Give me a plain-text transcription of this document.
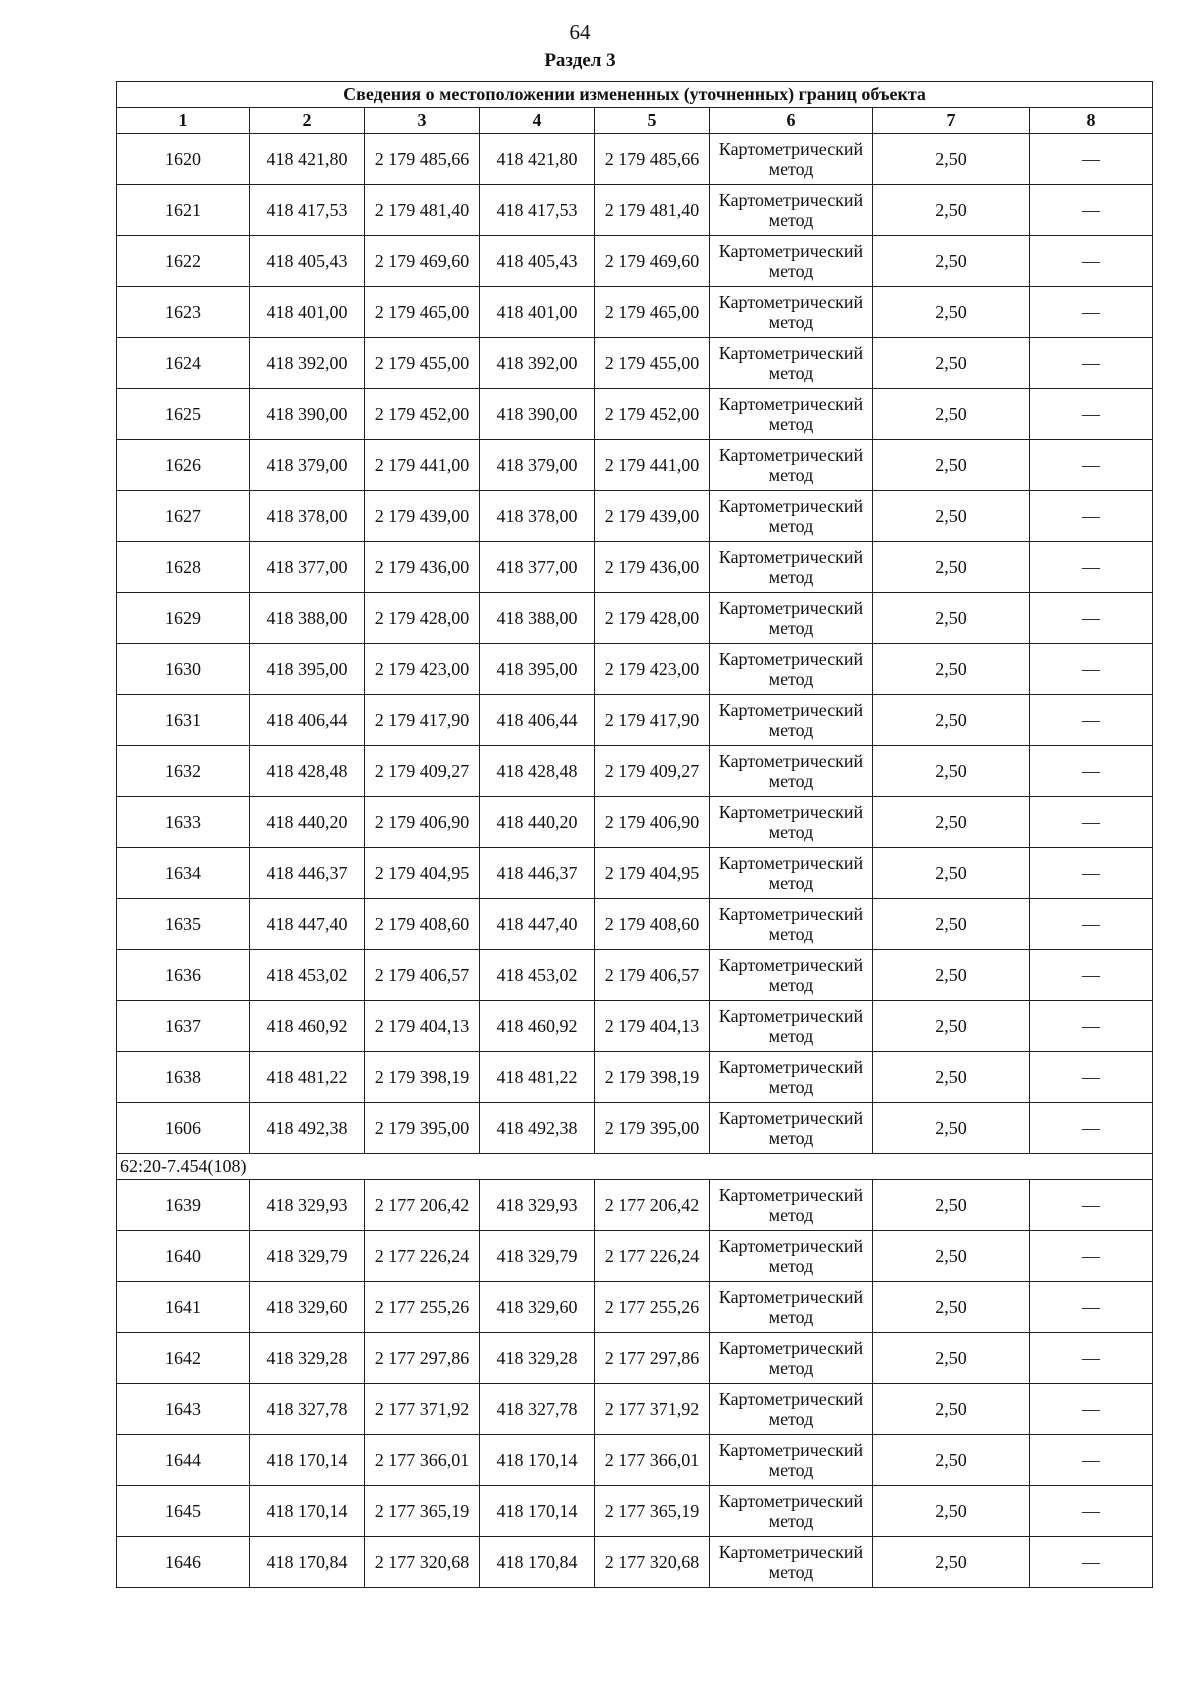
64
Раздел 3
Сведения о местоположении измененных (уточненных) границ объекта							
1	2	3	4	5	6	7	8
1620	418 421,80	2 179 485,66	418 421,80	2 179 485,66	Картометрический метод	2,50	—
1621	418 417,53	2 179 481,40	418 417,53	2 179 481,40	Картометрический метод	2,50	—
1622	418 405,43	2 179 469,60	418 405,43	2 179 469,60	Картометрический метод	2,50	—
1623	418 401,00	2 179 465,00	418 401,00	2 179 465,00	Картометрический метод	2,50	—
1624	418 392,00	2 179 455,00	418 392,00	2 179 455,00	Картометрический метод	2,50	—
1625	418 390,00	2 179 452,00	418 390,00	2 179 452,00	Картометрический метод	2,50	—
1626	418 379,00	2 179 441,00	418 379,00	2 179 441,00	Картометрический метод	2,50	—
1627	418 378,00	2 179 439,00	418 378,00	2 179 439,00	Картометрический метод	2,50	—
1628	418 377,00	2 179 436,00	418 377,00	2 179 436,00	Картометрический метод	2,50	—
1629	418 388,00	2 179 428,00	418 388,00	2 179 428,00	Картометрический метод	2,50	—
1630	418 395,00	2 179 423,00	418 395,00	2 179 423,00	Картометрический метод	2,50	—
1631	418 406,44	2 179 417,90	418 406,44	2 179 417,90	Картометрический метод	2,50	—
1632	418 428,48	2 179 409,27	418 428,48	2 179 409,27	Картометрический метод	2,50	—
1633	418 440,20	2 179 406,90	418 440,20	2 179 406,90	Картометрический метод	2,50	—
1634	418 446,37	2 179 404,95	418 446,37	2 179 404,95	Картометрический метод	2,50	—
1635	418 447,40	2 179 408,60	418 447,40	2 179 408,60	Картометрический метод	2,50	—
1636	418 453,02	2 179 406,57	418 453,02	2 179 406,57	Картометрический метод	2,50	—
1637	418 460,92	2 179 404,13	418 460,92	2 179 404,13	Картометрический метод	2,50	—
1638	418 481,22	2 179 398,19	418 481,22	2 179 398,19	Картометрический метод	2,50	—
1606	418 492,38	2 179 395,00	418 492,38	2 179 395,00	Картометрический метод	2,50	—
62:20-7.454(108)							
1639	418 329,93	2 177 206,42	418 329,93	2 177 206,42	Картометрический метод	2,50	—
1640	418 329,79	2 177 226,24	418 329,79	2 177 226,24	Картометрический метод	2,50	—
1641	418 329,60	2 177 255,26	418 329,60	2 177 255,26	Картометрический метод	2,50	—
1642	418 329,28	2 177 297,86	418 329,28	2 177 297,86	Картометрический метод	2,50	—
1643	418 327,78	2 177 371,92	418 327,78	2 177 371,92	Картометрический метод	2,50	—
1644	418 170,14	2 177 366,01	418 170,14	2 177 366,01	Картометрический метод	2,50	—
1645	418 170,14	2 177 365,19	418 170,14	2 177 365,19	Картометрический метод	2,50	—
1646	418 170,84	2 177 320,68	418 170,84	2 177 320,68	Картометрический метод	2,50	—
